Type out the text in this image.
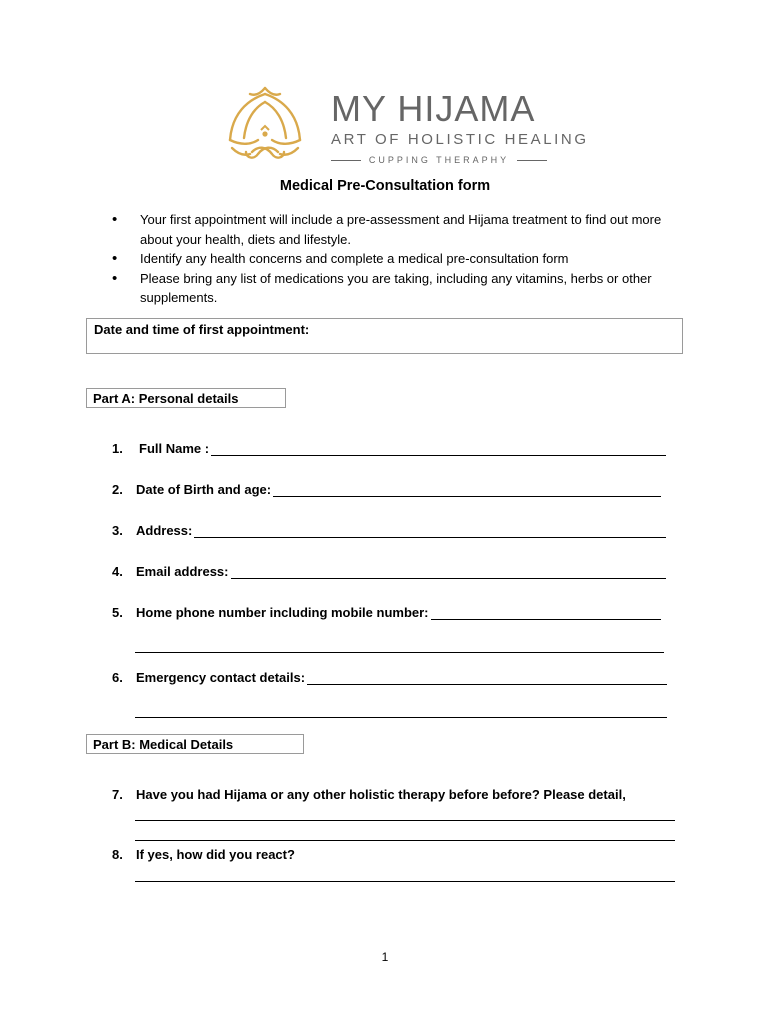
MY HIJAMA
ART OF HOLISTIC HEALING
CUPPING THERAPHY
Medical Pre-Consultation form
• Your first appointment will include a pre-assessment and Hijama treatment to find out more about your health, diets and lifestyle.
• Identify any health concerns and complete a medical pre-consultation form
• Please bring any list of medications you are taking, including any vitamins, herbs or other supplements.
Date and time of first appointment:
Part A: Personal details
1.	Full Name :
2.	Date of Birth and age:
3.	Address:
4.	Email address:
5.	Home phone number including mobile number:
6.	Emergency contact details:
Part B: Medical Details
7.	Have you had Hijama or any other holistic therapy before before? Please detail,
8.	If yes, how did you react?
1
